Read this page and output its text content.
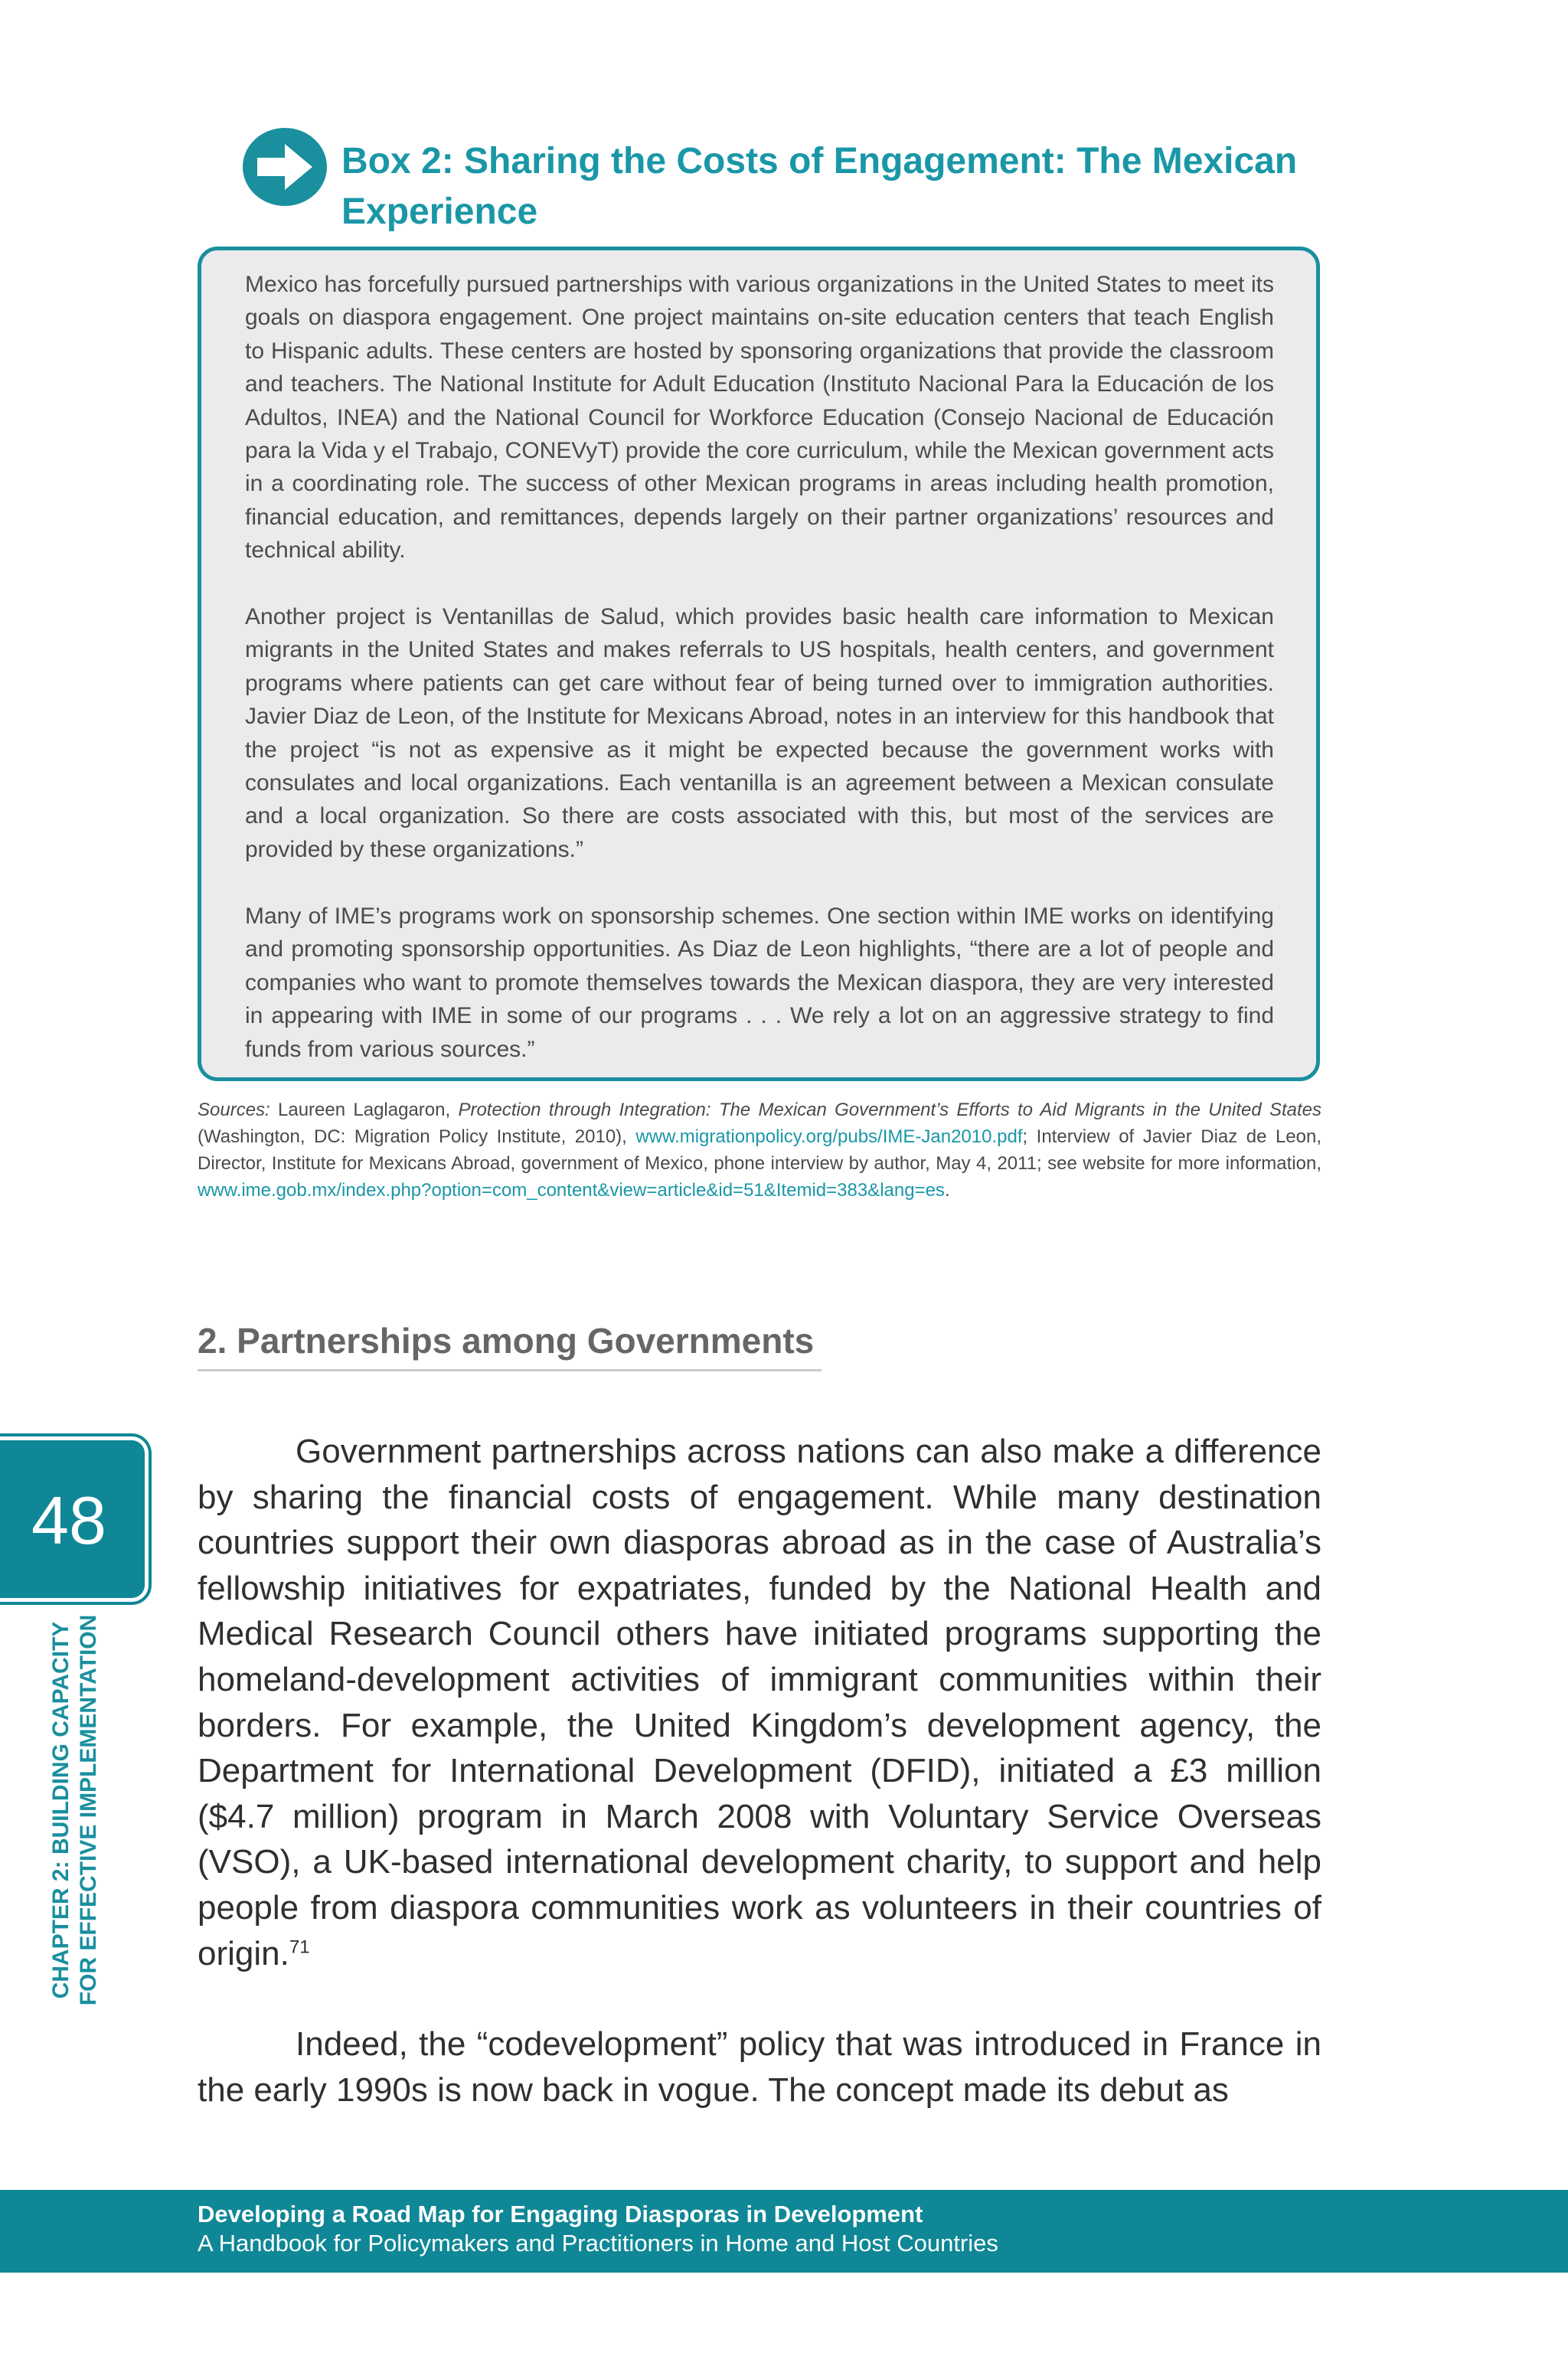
Box 2: Sharing the Costs of Engagement: The Mexican Experience

Mexico has forcefully pursued partnerships with various organizations in the United States to meet its goals on diaspora engagement. One project maintains on-site education centers that teach English to Hispanic adults. These centers are hosted by sponsoring organizations that provide the classroom and teachers. The National Institute for Adult Education (Instituto Nacional Para la Educación de los Adultos, INEA) and the National Council for Workforce Education (Consejo Nacional de Educación para la Vida y el Trabajo, CONEVyT) provide the core curriculum, while the Mexican government acts in a coordinating role. The success of other Mexican programs in areas including health promotion, financial education, and remittances, depends largely on their partner organizations’ resources and technical ability.

Another project is Ventanillas de Salud, which provides basic health care information to Mexican migrants in the United States and makes referrals to US hospitals, health centers, and government programs where patients can get care without fear of being turned over to immigration authorities. Javier Diaz de Leon, of the Institute for Mexicans Abroad, notes in an interview for this handbook that the project “is not as expensive as it might be expected because the government works with consulates and local organizations. Each ventanilla is an agreement between a Mexican consulate and a local organization. So there are costs associated with this, but most of the services are provided by these organizations.”

Many of IME’s programs work on sponsorship schemes. One section within IME works on identifying and promoting sponsorship opportunities. As Diaz de Leon highlights, “there are a lot of people and companies who want to promote themselves towards the Mexican diaspora, they are very interested in appearing with IME in some of our programs . . . We rely a lot on an aggressive strategy to find funds from various sources.”

Sources: Laureen Laglagaron, Protection through Integration: The Mexican Government’s Efforts to Aid Migrants in the United States (Washington, DC: Migration Policy Institute, 2010), www.migrationpolicy.org/pubs/IME-Jan2010.pdf; Interview of Javier Diaz de Leon, Director, Institute for Mexicans Abroad, government of Mexico, phone interview by author, May 4, 2011; see website for more information, www.ime.gob.mx/index.php?option=com_content&view=article&id=51&Itemid=383&lang=es.

2. Partnerships among Governments

Government partnerships across nations can also make a difference by sharing the financial costs of engagement. While many destination countries support their own diasporas abroad as in the case of Australia’s fellowship initiatives for expatriates, funded by the National Health and Medical Research Council others have initiated programs supporting the homeland-development activities of immigrant communities within their borders. For example, the United Kingdom’s development agency, the Department for International Development (DFID), initiated a £3 million ($4.7 million) program in March 2008 with Voluntary Service Overseas (VSO), a UK-based international development charity, to support and help people from diaspora communities work as volunteers in their countries of origin.$^{71}$

Indeed, the “codevelopment” policy that was introduced in France in the early 1990s is now back in vogue. The concept made its debut as

48
CHAPTER 2: BUILDING CAPACITY FOR EFFECTIVE IMPLEMENTATION
Developing a Road Map for Engaging Diasporas in Development
A Handbook for Policymakers and Practitioners in Home and Host Countries
